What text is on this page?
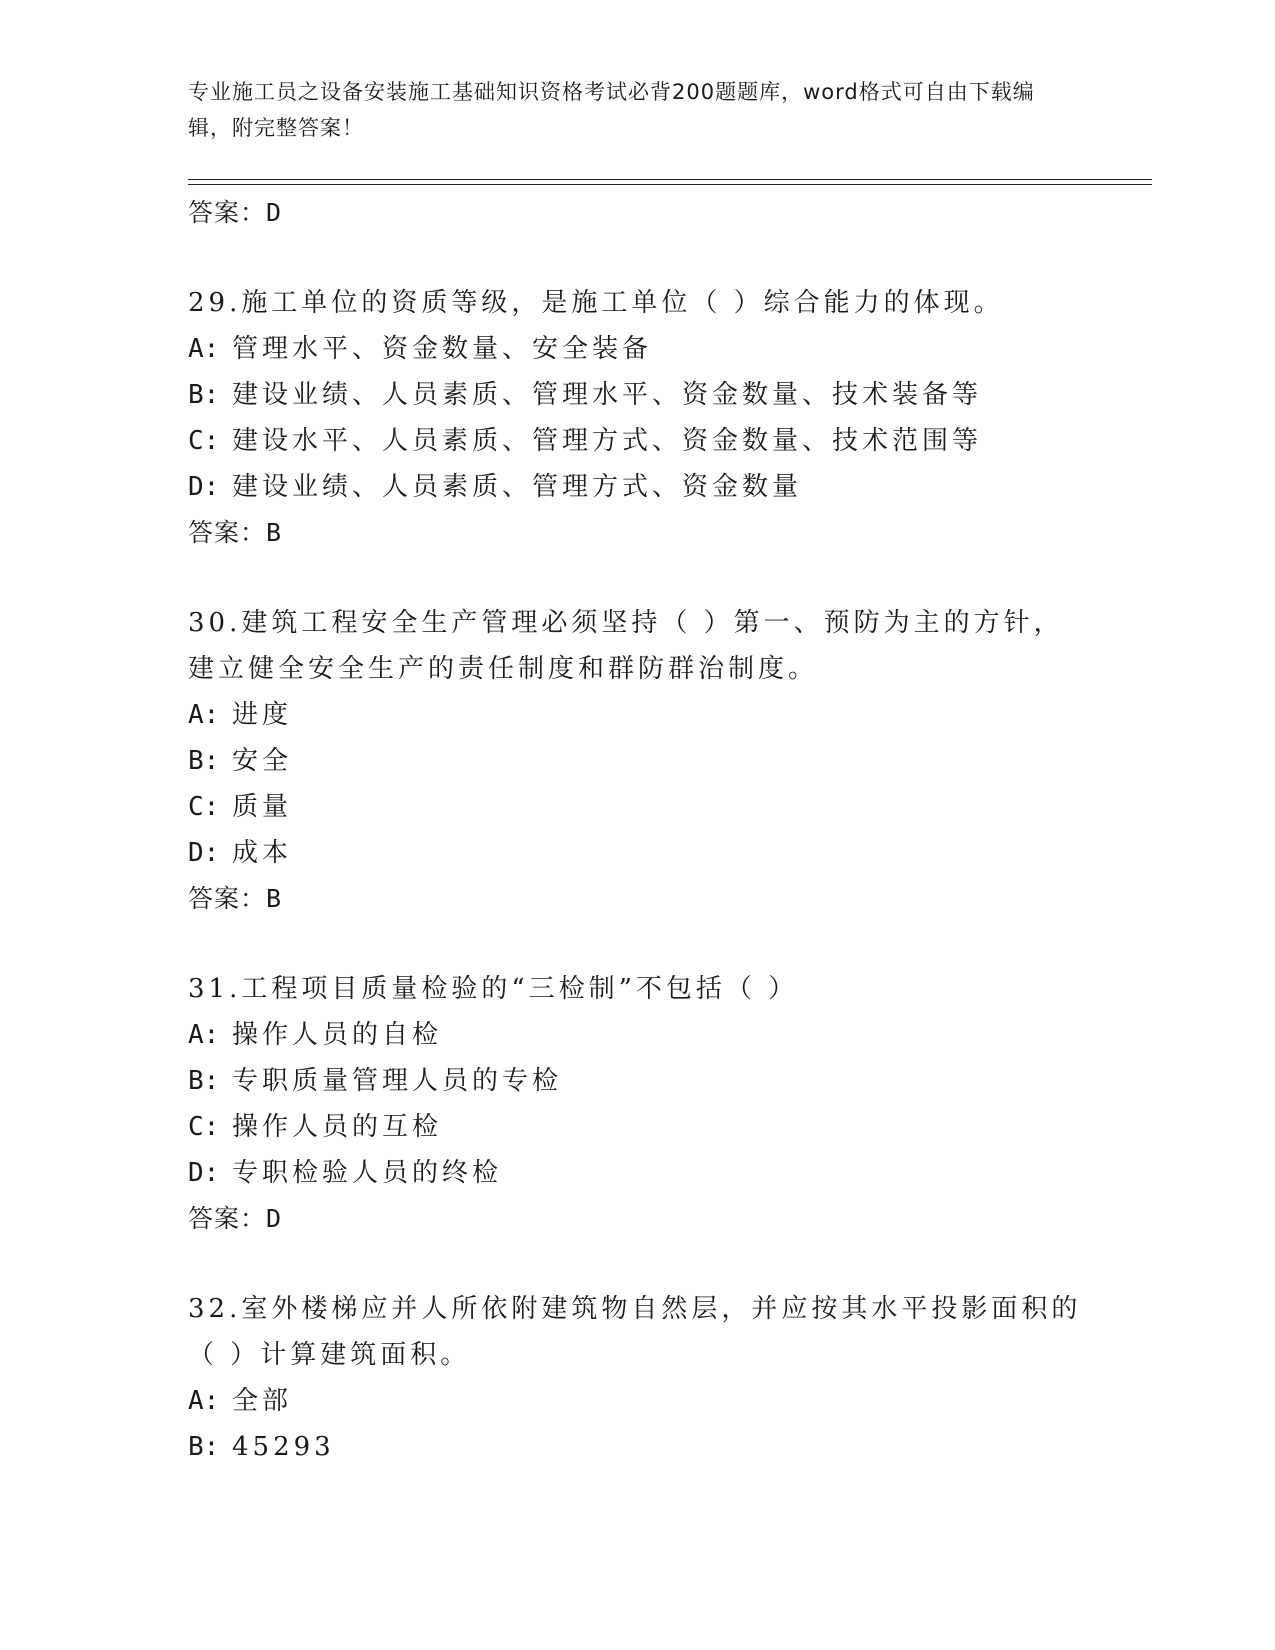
专业施工员之设备安装施工基础知识资格考试必背200题题库，word格式可自由下载编辑，附完整答案！
答案：D
29.施工单位的资质等级，是施工单位（ ）综合能力的体现。
A: 管理水平、资金数量、安全装备
B: 建设业绩、人员素质、管理水平、资金数量、技术装备等
C: 建设水平、人员素质、管理方式、资金数量、技术范围等
D: 建设业绩、人员素质、管理方式、资金数量
答案：B
30.建筑工程安全生产管理必须坚持（ ）第一、预防为主的方针，建立健全安全生产的责任制度和群防群治制度。
A: 进度
B: 安全
C: 质量
D: 成本
答案：B
31.工程项目质量检验的“三检制”不包括（ ）
A: 操作人员的自检
B: 专职质量管理人员的专检
C: 操作人员的互检
D: 专职检验人员的终检
答案：D
32.室外楼梯应并人所依附建筑物自然层，并应按其水平投影面积的（ ）计算建筑面积。
A: 全部
B: 45293
